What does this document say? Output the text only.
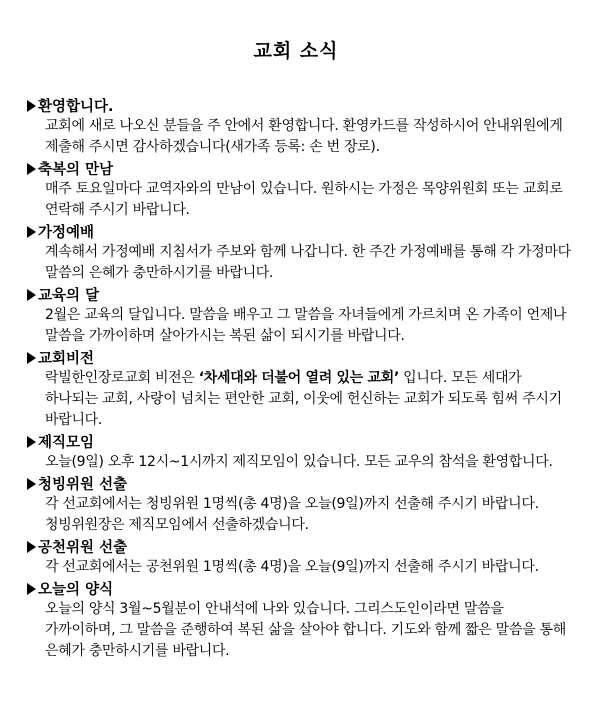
교회 소식
환영합니다.

교회에 새로 나오신 분들을 주 안에서 환영합니다. 환영카드를 작성하시어 안내위원에게 제출해 주시면 감사하겠습니다(새가족 등록: 손 번 장로).

축복의 만남

매주 토요일마다 교역자와의 만남이 있습니다. 원하시는 가정은 목양위원회 또는 교회로 연락해 주시기 바랍니다.

가정예배

계속해서 가정예배 지침서가 주보와 함께 나갑니다. 한 주간 가정예배를 통해 각 가정마다 말씀의 은혜가 충만하시기를 바랍니다.

교육의 달

2월은 교육의 달입니다. 말씀을 배우고 그 말씀을 자녀들에게 가르치며 온 가족이 언제나 말씀을 가까이하며 살아가시는 복된 삶이 되시기를 바랍니다.

교회비전

락빌한인장로교회 비전은 ‘차세대와 더불어 열려 있는 교회’ 입니다. 모든 세대가 하나되는 교회, 사랑이 넘치는 편안한 교회, 이웃에 헌신하는 교회가 되도록 힘써 주시기 바랍니다.

제직모임

오늘(9일) 오후 12시~1시까지 제직모임이 있습니다. 모든 교우의 참석을 환영합니다.

청빙위원 선출

각 선교회에서는 청빙위원 1명씩(총 4명)을 오늘(9일)까지 선출해 주시기 바랍니다. 청빙위원장은 제직모임에서 선출하겠습니다.

공천위원 선출

각 선교회에서는 공천위원 1명씩(총 4명)을 오늘(9일)까지 선출해 주시기 바랍니다.

오늘의 양식

오늘의 양식 3월~5월분이 안내석에 나와 있습니다. 그리스도인이라면 말씀을 가까이하며, 그 말씀을 준행하여 복된 삶을 살아야 합니다. 기도와 함께 짧은 말씀을 통해 은혜가 충만하시기를 바랍니다.
